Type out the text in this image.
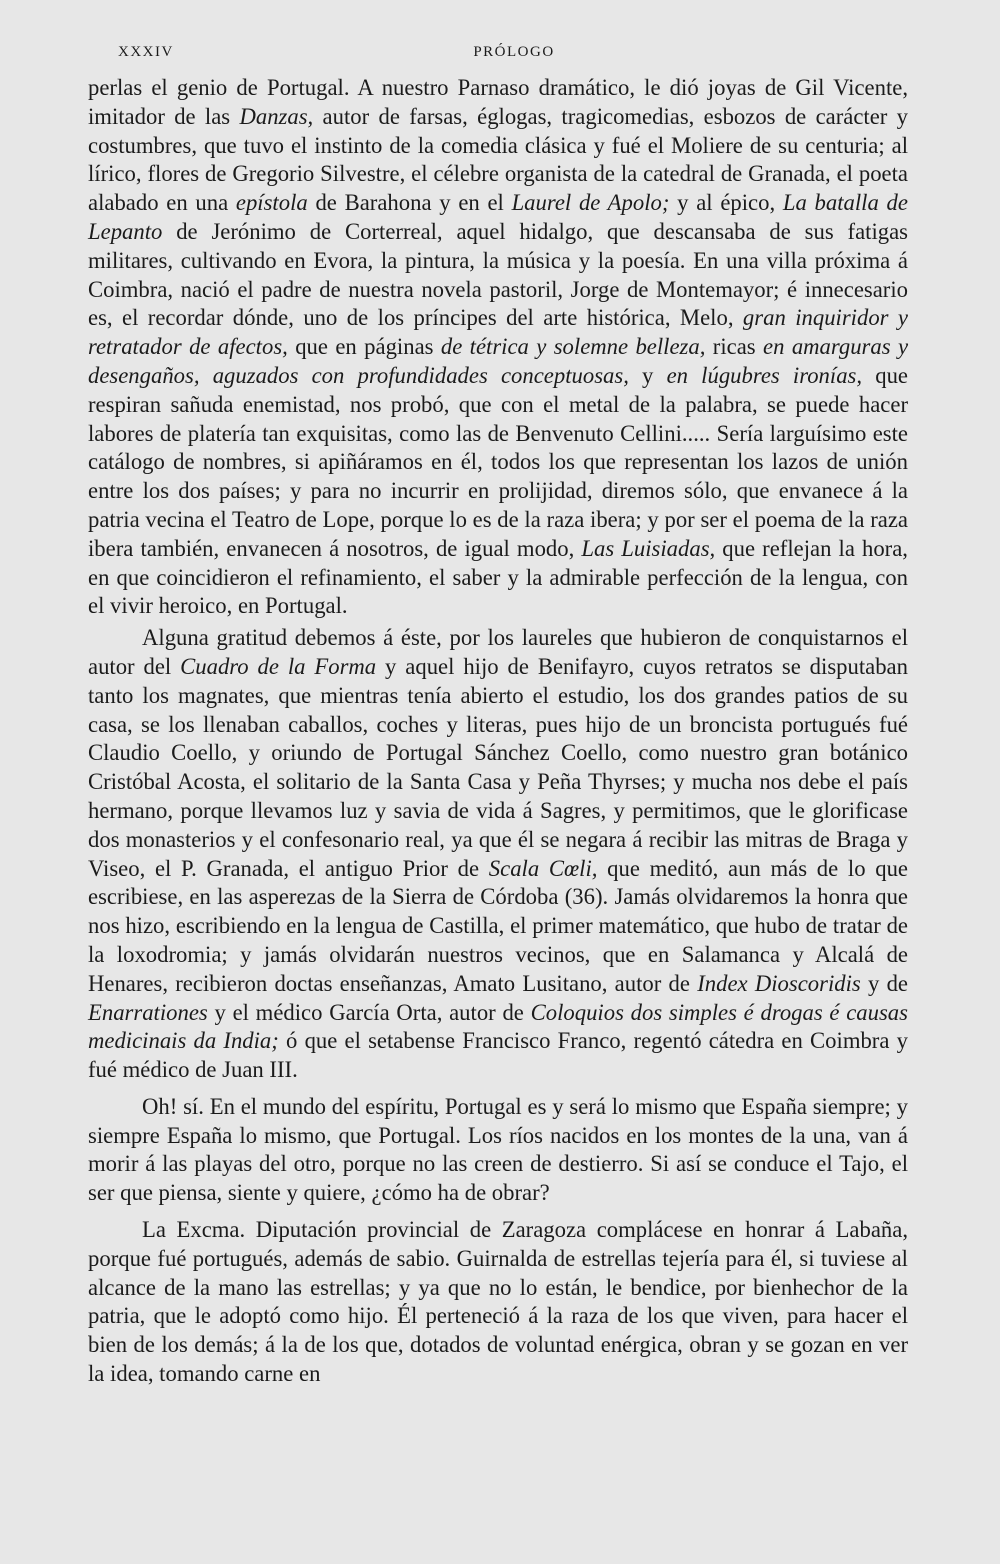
XXXIV	PRÓLOGO

perlas el genio de Portugal. A nuestro Parnaso dramático, le dió joyas de Gil Vicente, imitador de las Danzas, autor de farsas, églogas, tragicomedias, esbozos de carácter y costumbres, que tuvo el instinto de la comedia clásica y fué el Moliere de su centuria; al lírico, flores de Gregorio Silvestre, el célebre organista de la catedral de Granada, el poeta alabado en una epístola de Barahona y en el Laurel de Apolo; y al épico, La batalla de Lepanto de Jerónimo de Corterreal, aquel hidalgo, que descansaba de sus fatigas militares, cultivando en Evora, la pintura, la música y la poesía. En una villa próxima á Coimbra, nació el padre de nuestra novela pastoril, Jorge de Montemayor; é innecesario es, el recordar dónde, uno de los príncipes del arte histórica, Melo, gran inquiridor y retratador de afectos, que en páginas de tétrica y solemne belleza, ricas en amarguras y desengaños, aguzados con profundidades conceptuosas, y en lúgubres ironías, que respiran sañuda enemistad, nos probó, que con el metal de la palabra, se puede hacer labores de platería tan exquisitas, como las de Benvenuto Cellini..... Sería larguísimo este catálogo de nombres, si apiñáramos en él, todos los que representan los lazos de unión entre los dos países; y para no incurrir en prolijidad, diremos sólo, que envanece á la patria vecina el Teatro de Lope, porque lo es de la raza ibera; y por ser el poema de la raza ibera también, envanecen á nosotros, de igual modo, Las Luisiadas, que reflejan la hora, en que coincidieron el refinamiento, el saber y la admirable perfección de la lengua, con el vivir heroico, en Portugal.

Alguna gratitud debemos á éste, por los laureles que hubieron de conquistarnos el autor del Cuadro de la Forma y aquel hijo de Benifayro, cuyos retratos se disputaban tanto los magnates, que mientras tenía abierto el estudio, los dos grandes patios de su casa, se los llenaban caballos, coches y literas, pues hijo de un broncista portugués fué Claudio Coello, y oriundo de Portugal Sánchez Coello, como nuestro gran botánico Cristóbal Acosta, el solitario de la Santa Casa y Peña Thyrses; y mucha nos debe el país hermano, porque llevamos luz y savia de vida á Sagres, y permitimos, que le glorificase dos monasterios y el confesonario real, ya que él se negara á recibir las mitras de Braga y Viseo, el P. Granada, el antiguo Prior de Scala Cœli, que meditó, aun más de lo que escribiese, en las asperezas de la Sierra de Córdoba (36). Jamás olvidaremos la honra que nos hizo, escribiendo en la lengua de Castilla, el primer matemático, que hubo de tratar de la loxodromia; y jamás olvidarán nuestros vecinos, que en Salamanca y Alcalá de Henares, recibieron doctas enseñanzas, Amato Lusitano, autor de Index Dioscoridis y de Enarrationes y el médico García Orta, autor de Coloquios dos simples é drogas é causas medicinais da India; ó que el setabense Francisco Franco, regentó cátedra en Coimbra y fué médico de Juan III.

Oh! sí. En el mundo del espíritu, Portugal es y será lo mismo que España siempre; y siempre España lo mismo, que Portugal. Los ríos nacidos en los montes de la una, van á morir á las playas del otro, porque no las creen de destierro. Si así se conduce el Tajo, el ser que piensa, siente y quiere, ¿cómo ha de obrar?

La Excma. Diputación provincial de Zaragoza complácese en honrar á Labaña, porque fué portugués, además de sabio. Guirnalda de estrellas tejería para él, si tuviese al alcance de la mano las estrellas; y ya que no lo están, le bendice, por bienhechor de la patria, que le adoptó como hijo. Él perteneció á la raza de los que viven, para hacer el bien de los demás; á la de los que, dotados de voluntad enérgica, obran y se gozan en ver la idea, tomando carne en
